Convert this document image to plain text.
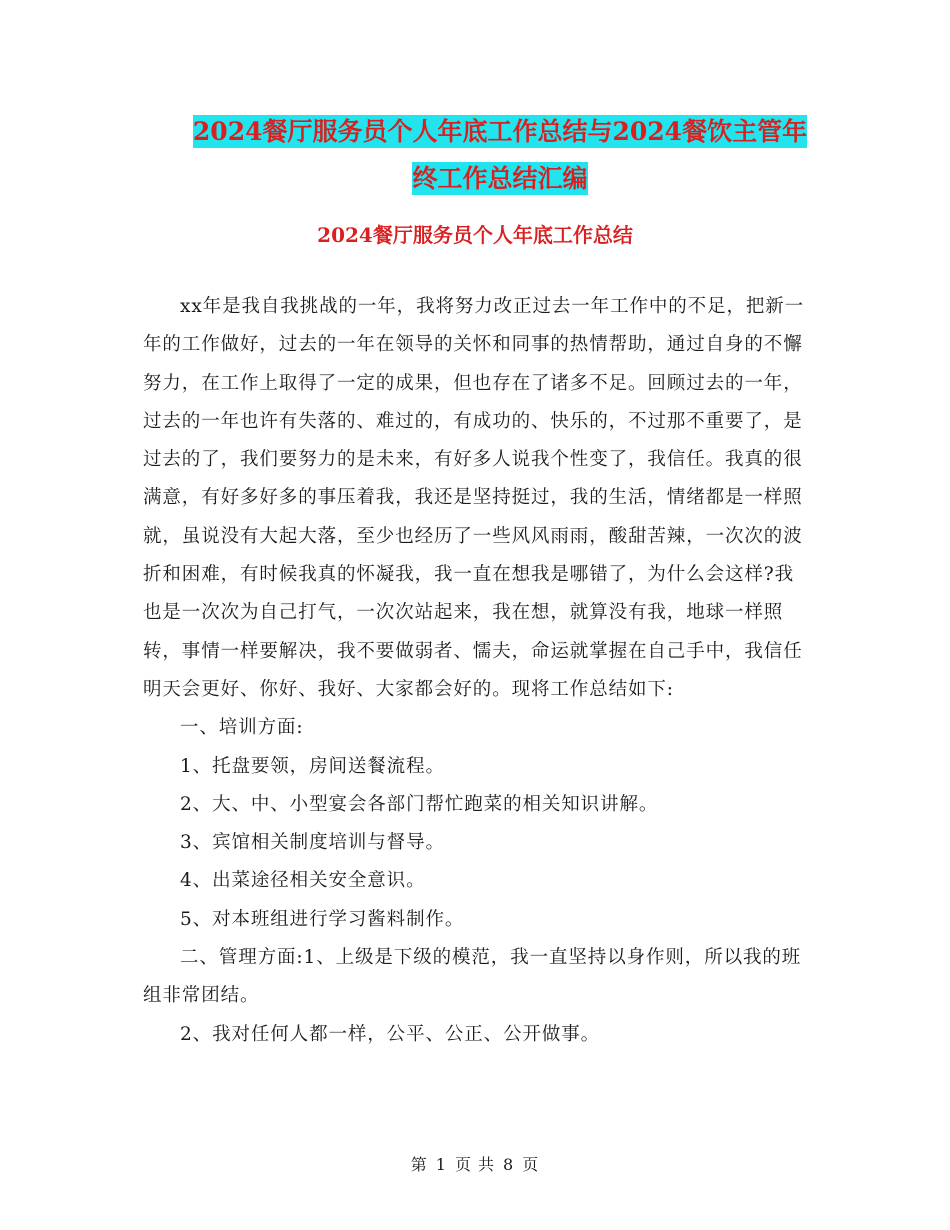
2024餐厅服务员个人年底工作总结与2024餐饮主管年
终工作总结汇编
2024餐厅服务员个人年底工作总结

xx年是我自我挑战的一年，我将努力改正过去一年工作中的不足，把新一年的工作做好，过去的一年在领导的关怀和同事的热情帮助，通过自身的不懈努力，在工作上取得了一定的成果，但也存在了诸多不足。回顾过去的一年，过去的一年也许有失落的、难过的，有成功的、快乐的，不过那不重要了，是过去的了，我们要努力的是未来，有好多人说我个性变了，我信任。我真的很满意，有好多好多的事压着我，我还是坚持挺过，我的生活，情绪都是一样照就，虽说没有大起大落，至少也经历了一些风风雨雨，酸甜苦辣，一次次的波折和困难，有时候我真的怀凝我，我一直在想我是哪错了，为什么会这样?我也是一次次为自己打气，一次次站起来，我在想，就算没有我，地球一样照转，事情一样要解决，我不要做弱者、懦夫，命运就掌握在自己手中，我信任明天会更好、你好、我好、大家都会好的。现将工作总结如下:

一、培训方面:

1、托盘要领，房间送餐流程。

2、大、中、小型宴会各部门帮忙跑菜的相关知识讲解。

3、宾馆相关制度培训与督导。

4、出菜途径相关安全意识。

5、对本班组进行学习酱料制作。

二、管理方面:1、上级是下级的模范，我一直坚持以身作则，所以我的班组非常团结。

2、我对任何人都一样，公平、公正、公开做事。

第 1 页 共 8 页
